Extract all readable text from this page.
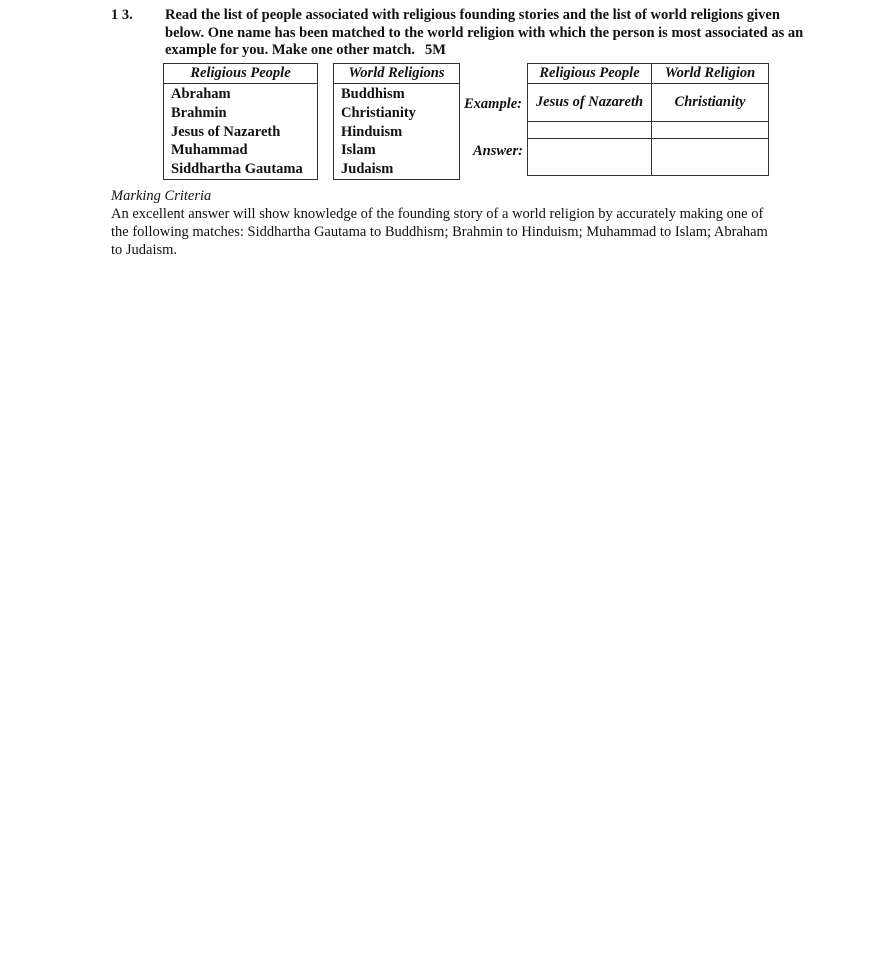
1 3. Read the list of people associated with religious founding stories and the list of world religions given below. One name has been matched to the world religion with which the person is most associated as an example for you. Make one other match. 5M
Religious People

Abraham
Brahmin
Jesus of Nazareth
Muhammad
Siddhartha Gautama
World Religions

Buddhism
Christianity
Hinduism
Islam
Judaism
Example:
Answer:
Religious People	World Religion
Jesus of Nazareth	Christianity

Marking Criteria
An excellent answer will show knowledge of the founding story of a world religion by accurately making one of the following matches: Siddhartha Gautama to Buddhism; Brahmin to Hinduism; Muhammad to Islam; Abraham to Judaism.
